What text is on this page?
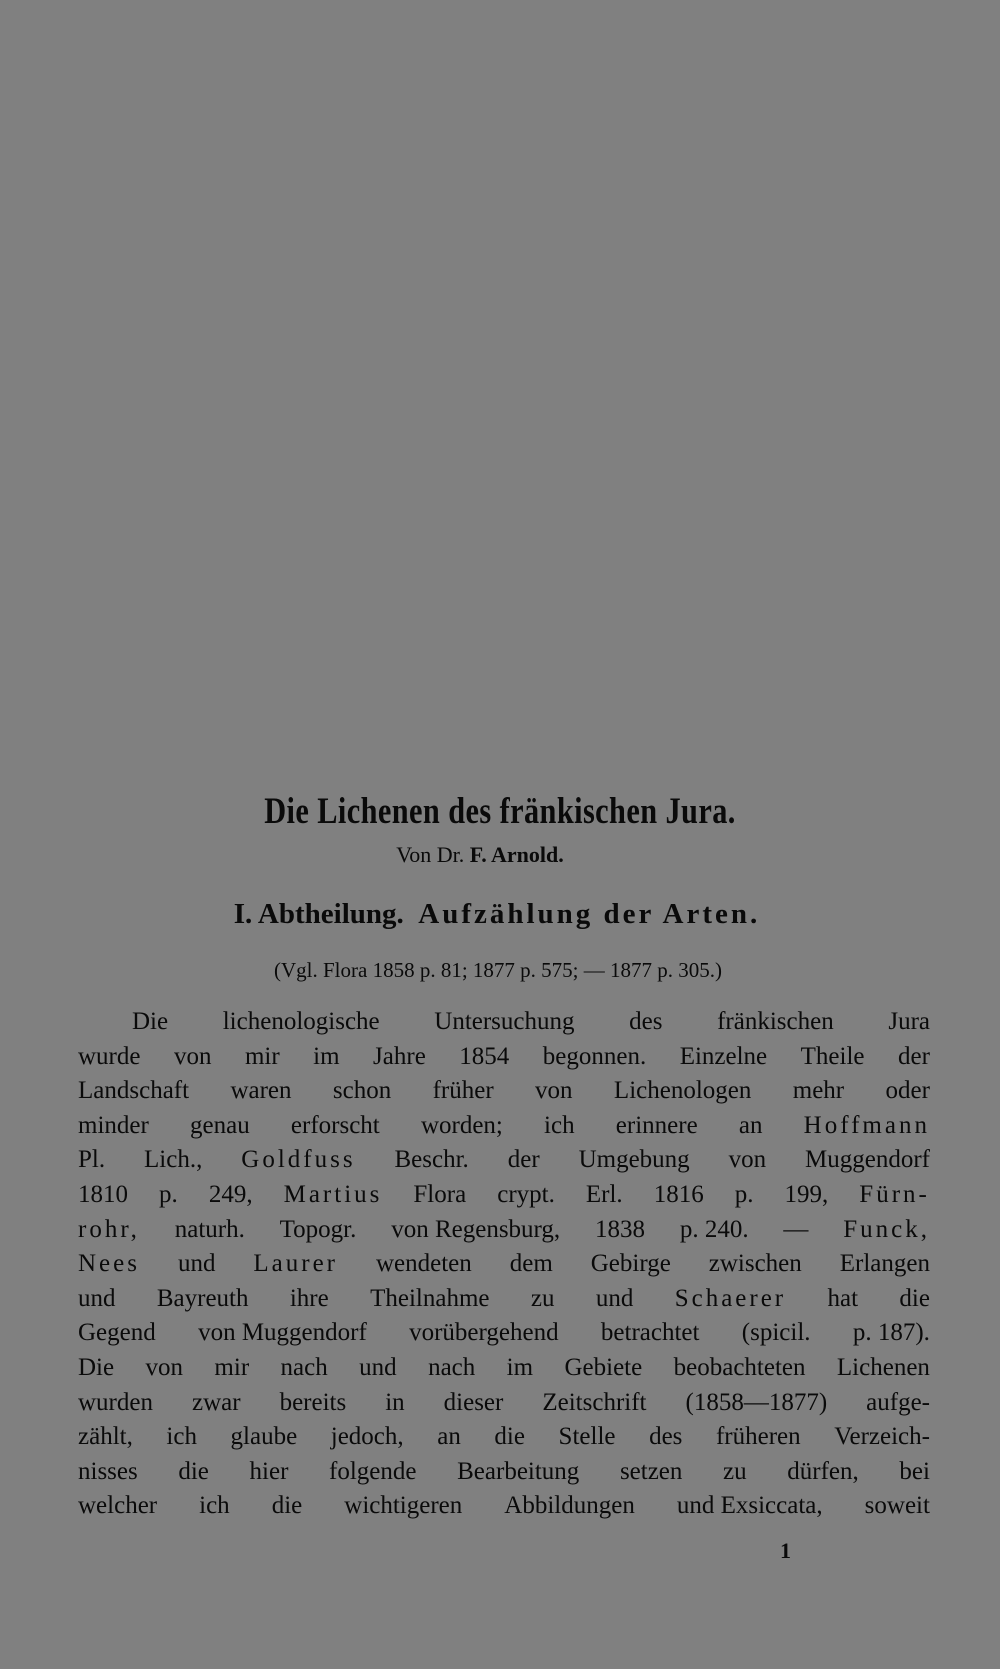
Die Lichenen des fränkischen Jura.
Von Dr. F. Arnold.
I. Abtheilung. Aufzählung der Arten.
(Vgl. Flora 1858 p. 81; 1877 p. 575; — 1877 p. 305.)
Die lichenologische Untersuchung des fränkischen Jura
wurde von mir im Jahre 1854 begonnen. Einzelne Theile der
Landschaft waren schon früher von Lichenologen mehr oder
minder genau erforscht worden; ich erinnere an Hoffmann
Pl. Lich., Goldfuss Beschr. der Umgebung von Muggendorf
1810 p. 249, Martius Flora crypt. Erl. 1816 p. 199, Fürn-
rohr, naturh. Topogr. von Regensburg, 1838 p. 240. — Funck,
Nees und Laurer wendeten dem Gebirge zwischen Erlangen
und Bayreuth ihre Theilnahme zu und Schaerer hat die
Gegend von Muggendorf vorübergehend betrachtet (spicil. p. 187).
Die von mir nach und nach im Gebiete beobachteten Lichenen
wurden zwar bereits in dieser Zeitschrift (1858—1877) aufge-
zählt, ich glaube jedoch, an die Stelle des früheren Verzeich-
nisses die hier folgende Bearbeitung setzen zu dürfen, bei
welcher ich die wichtigeren Abbildungen und Exsiccata, soweit
1
